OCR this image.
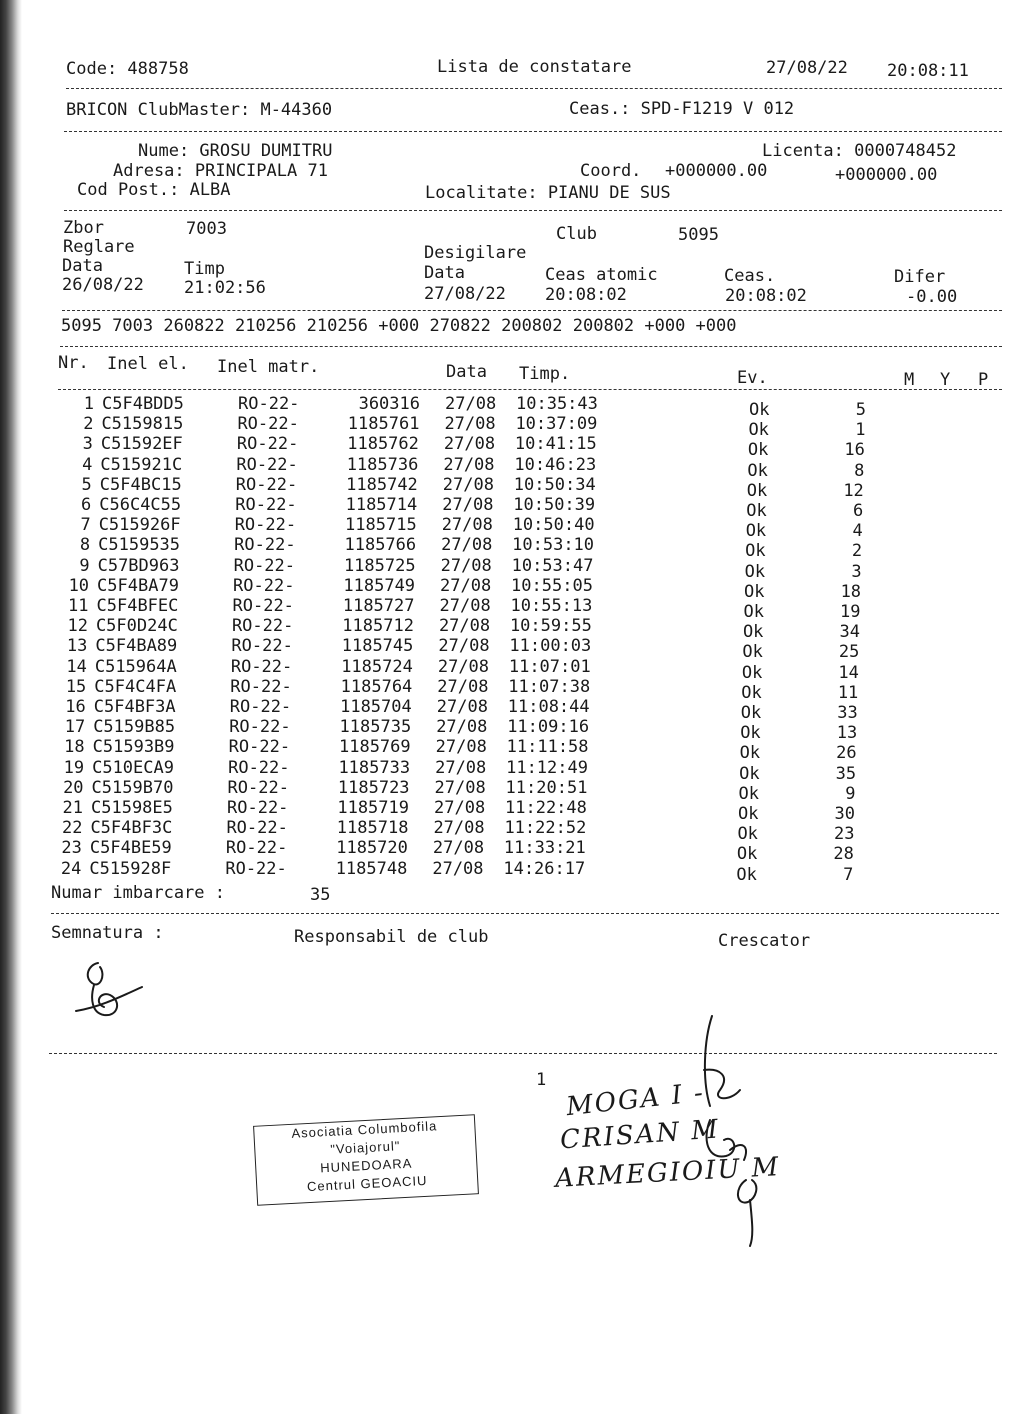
Code: 488758	Lista de constatare	27/08/22 20:08:11
BRICON ClubMaster: M-44360	Ceas.: SPD-F1219 V 012
Nume: GROSU DUMITRU	Licenta: 0000748452
Adresa: PRINCIPALA 71	Coord. +000000.00	+000000.00
Cod Post.: ALBA	Localitate: PIANU DE SUS
Zbor	7003	Club	5095
Reglare	Desigilare
Data	Timp	Data	Ceas atomic	Ceas.	Difer
26/08/22 21:02:56	27/08/22 20:08:02	20:08:02	-0.00
5095 7003 260822 210256 210256 +000 270822 200802 200802 +000 +000
Nr. Inel el. Inel matr.	Data Timp.	Ev.	M Y P
1 C5F4BDD5	RO-22-	360316 27/08 10:35:43	Ok	5
2 C5159815	RO-22-	1185761 27/08 10:37:09	Ok	1
3 C51592EF	RO-22-	1185762 27/08 10:41:15	Ok	16
4 C515921C	RO-22-	1185736 27/08 10:46:23	Ok	8
5 C5F4BC15	RO-22-	1185742 27/08 10:50:34	Ok	12
6 C56C4C55	RO-22-	1185714 27/08 10:50:39	Ok	6
7 C515926F	RO-22-	1185715 27/08 10:50:40	Ok	4
8 C5159535	RO-22-	1185766 27/08 10:53:10	Ok	2
9 C57BD963	RO-22-	1185725 27/08 10:53:47	Ok	3
10 C5F4BA79	RO-22-	1185749 27/08 10:55:05	Ok	18
11 C5F4BFEC	RO-22-	1185727 27/08 10:55:13	Ok	19
12 C5F0D24C	RO-22-	1185712 27/08 10:59:55	Ok	34
13 C5F4BA89	RO-22-	1185745 27/08 11:00:03	Ok	25
14 C515964A	RO-22-	1185724 27/08 11:07:01	Ok	14
15 C5F4C4FA	RO-22-	1185764 27/08 11:07:38	Ok	11
16 C5F4BF3A	RO-22-	1185704 27/08 11:08:44	Ok	33
17 C5159B85	RO-22-	1185735 27/08 11:09:16	Ok	13
18 C51593B9	RO-22-	1185769 27/08 11:11:58	Ok	26
19 C510ECA9	RO-22-	1185733 27/08 11:12:49	Ok	35
20 C5159B70	RO-22-	1185723 27/08 11:20:51	Ok	9
21 C51598E5	RO-22-	1185719 27/08 11:22:48	Ok	30
22 C5F4BF3C	RO-22-	1185718 27/08 11:22:52	Ok	23
23 C5F4BE59	RO-22-	1185720 27/08 11:33:21	Ok	28
24 C515928F	RO-22-	1185748 27/08 14:26:17	Ok	7
Numar imbarcare :	35
Semnatura :	Responsabil de club	Crescator
1
Asociatia Columbofila
"Voiajorul"
HUNEDOARA
Centrul GEOACIU
MOGA I -
CRISAN M
ARMEGIOIU M
